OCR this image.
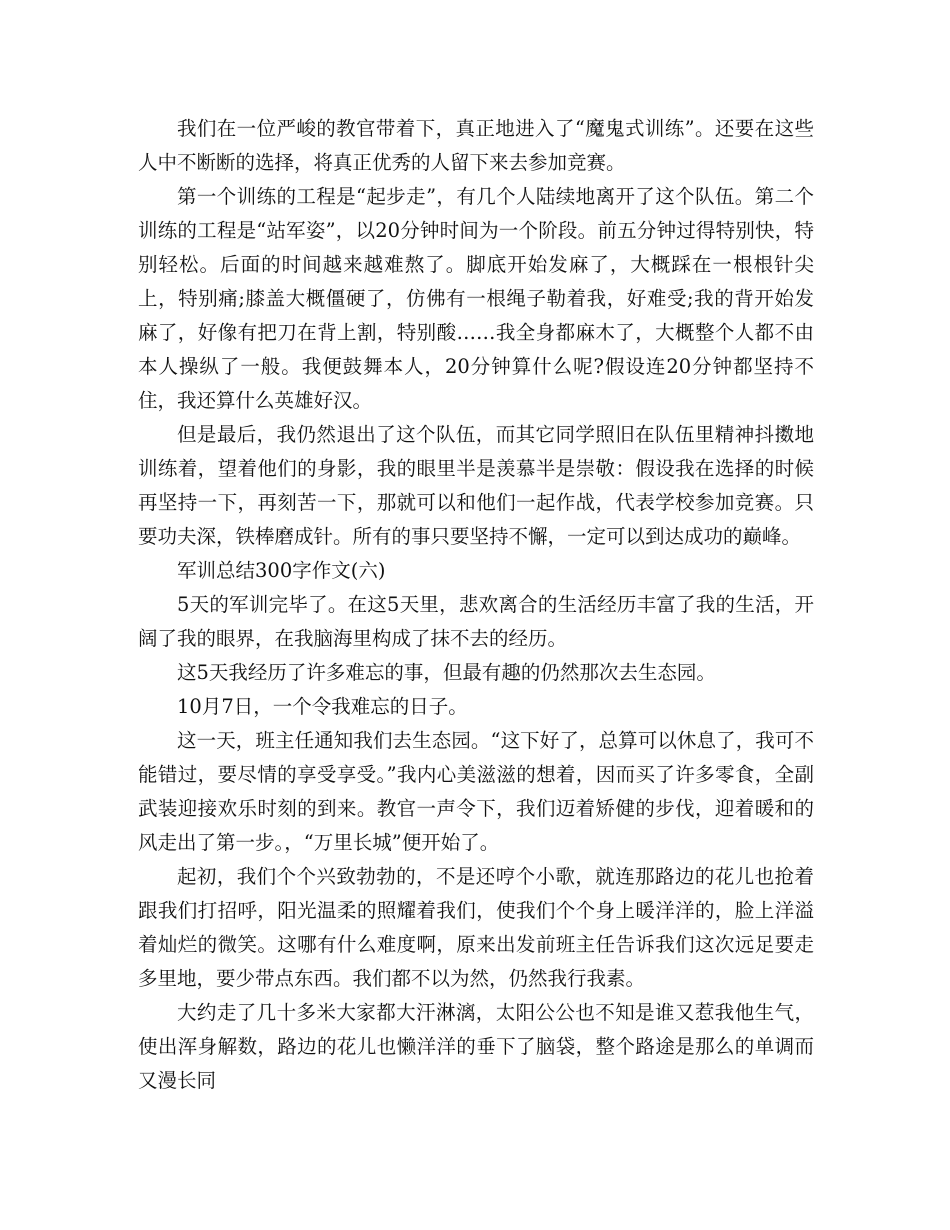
我们在一位严峻的教官带着下，真正地进入了“魔鬼式训练”。还要在这些人中不断断的选择，将真正优秀的人留下来去参加竞赛。

第一个训练的工程是“起步走”，有几个人陆续地离开了这个队伍。第二个训练的工程是“站军姿”，以20分钟时间为一个阶段。前五分钟过得特别快，特别轻松。后面的时间越来越难熬了。脚底开始发麻了，大概踩在一根根针尖上，特别痛;膝盖大概僵硬了，仿佛有一根绳子勒着我，好难受;我的背开始发麻了，好像有把刀在背上割，特别酸……我全身都麻木了，大概整个人都不由本人操纵了一般。我便鼓舞本人，20分钟算什么呢?假设连20分钟都坚持不住，我还算什么英雄好汉。

但是最后，我仍然退出了这个队伍，而其它同学照旧在队伍里精神抖擞地训练着，望着他们的身影，我的眼里半是羡慕半是崇敬：假设我在选择的时候再坚持一下，再刻苦一下，那就可以和他们一起作战，代表学校参加竞赛。只要功夫深，铁棒磨成针。所有的事只要坚持不懈，一定可以到达成功的巅峰。

军训总结300字作文(六)

5天的军训完毕了。在这5天里，悲欢离合的生活经历丰富了我的生活，开阔了我的眼界，在我脑海里构成了抹不去的经历。

这5天我经历了许多难忘的事，但最有趣的仍然那次去生态园。

10月7日，一个令我难忘的日子。

这一天，班主任通知我们去生态园。“这下好了，总算可以休息了，我可不能错过，要尽情的享受享受。”我内心美滋滋的想着，因而买了许多零食，全副武装迎接欢乐时刻的到来。教官一声令下，我们迈着矫健的步伐，迎着暖和的风走出了第一步。，“万里长城”便开始了。

起初，我们个个兴致勃勃的，不是还哼个小歌，就连那路边的花儿也抢着跟我们打招呼，阳光温柔的照耀着我们，使我们个个身上暖洋洋的，脸上洋溢着灿烂的微笑。这哪有什么难度啊，原来出发前班主任告诉我们这次远足要走多里地，要少带点东西。我们都不以为然，仍然我行我素。

大约走了几十多米大家都大汗淋漓，太阳公公也不知是谁又惹我他生气，使出浑身解数，路边的花儿也懒洋洋的垂下了脑袋，整个路途是那么的单调而又漫长同
